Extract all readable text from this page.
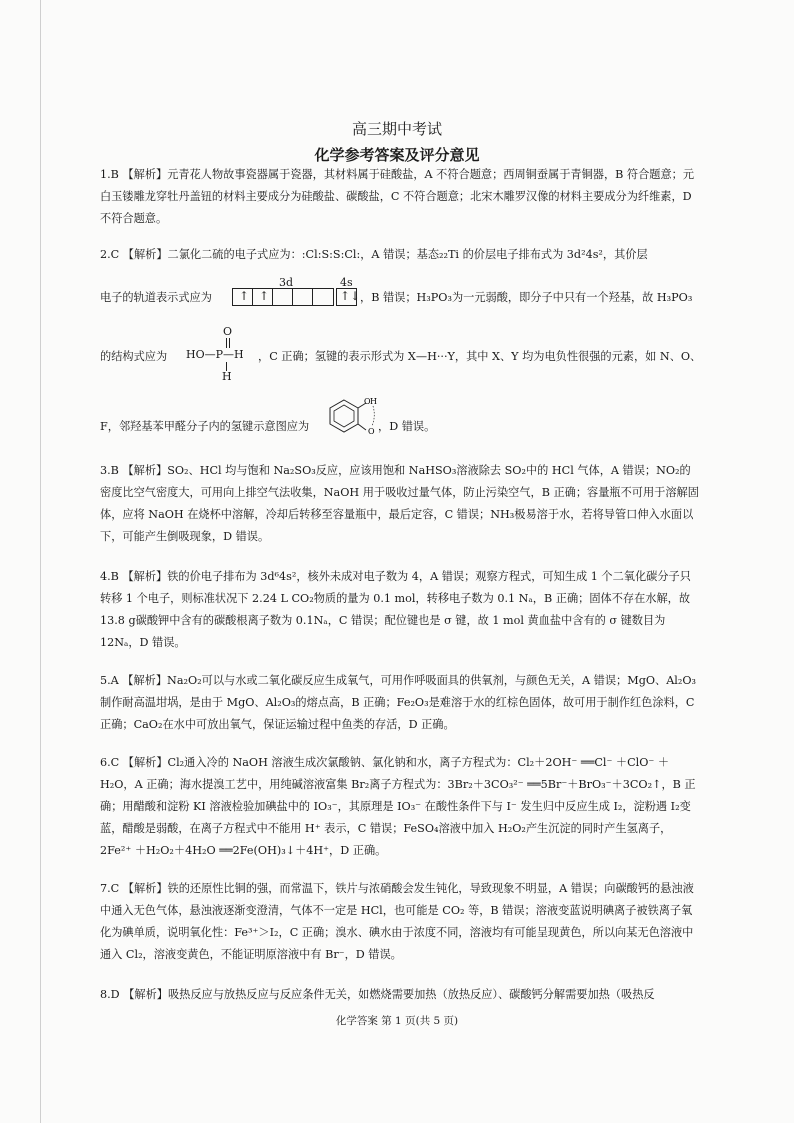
高三期中考试
化学参考答案及评分意见
1.B 【解析】元青花人物故事瓷器属于瓷器，其材料属于硅酸盐，A 不符合题意；西周铜蚕属于青铜器，B 符合题意；元白玉镂雕龙穿牡丹盖钮的材料主要成分为硅酸盐、碳酸盐，C 不符合题意；北宋木雕罗汉像的材料主要成分为纤维素，D 不符合题意。
2.C 【解析】二氯化二硫的电子式应为：:Cl:S:S:Cl:，A 错误；基态₂₂Ti 的价层电子排布式为 3d²4s²，其价层
电子的轨道表示式应为
3d	4s
↑ ↑	↑↓ ，B 错误；H₃PO₃为一元弱酸，即分子中只有一个羟基，故 H₃PO₃
O
的结构式应为 HO—P—H
H
，C 正确；氢键的表示形式为 X—H···Y，其中 X、Y 均为电负性很强的元素，如 N、O、
F，邻羟基苯甲醛分子内的氢键示意图应为
O H
O ，D 错误。
3.B 【解析】SO₂、HCl 均与饱和 Na₂SO₃反应，应该用饱和 NaHSO₃溶液除去 SO₂中的 HCl 气体，A 错误；NO₂的密度比空气密度大，可用向上排空气法收集，NaOH 用于吸收过量气体，防止污染空气，B 正确；容量瓶不可用于溶解固体，应将 NaOH 在烧杯中溶解，冷却后转移至容量瓶中，最后定容，C 错误；NH₃极易溶于水，若将导管口伸入水面以下，可能产生倒吸现象，D 错误。
4.B 【解析】铁的价电子排布为 3d⁶4s²，核外未成对电子数为 4，A 错误；观察方程式，可知生成 1 个二氧化碳分子只转移 1 个电子，则标准状况下 2.24 L CO₂物质的量为 0.1 mol，转移电子数为 0.1 Nₐ，B 正确；固体不存在水解，故13.8 g碳酸钾中含有的碳酸根离子数为 0.1Nₐ，C 错误；配位键也是 σ 键，故 1 mol 黄血盐中含有的 σ 键数目为 12Nₐ，D 错误。
5.A 【解析】Na₂O₂可以与水或二氧化碳反应生成氧气，可用作呼吸面具的供氧剂，与颜色无关，A 错误；MgO、Al₂O₃制作耐高温坩埚，是由于 MgO、Al₂O₃的熔点高，B 正确；Fe₂O₃是难溶于水的红棕色固体，故可用于制作红色涂料，C 正确；CaO₂在水中可放出氧气，保证运输过程中鱼类的存活，D 正确。
6.C 【解析】Cl₂通入冷的 NaOH 溶液生成次氯酸钠、氯化钠和水，离子方程式为：Cl₂＋2OH⁻ ══Cl⁻ ＋ClO⁻ ＋H₂O，A 正确；海水提溴工艺中，用纯碱溶液富集 Br₂离子方程式为：3Br₂＋3CO₃²⁻ ══5Br⁻＋BrO₃⁻＋3CO₂↑，B 正确；用醋酸和淀粉 KI 溶液检验加碘盐中的 IO₃⁻，其原理是 IO₃⁻ 在酸性条件下与 I⁻ 发生归中反应生成 I₂，淀粉遇 I₂变蓝，醋酸是弱酸，在离子方程式中不能用 H⁺ 表示，C 错误；FeSO₄溶液中加入 H₂O₂产生沉淀的同时产生氢离子，2Fe²⁺ ＋H₂O₂＋4H₂O ══2Fe(OH)₃↓＋4H⁺，D 正确。
7.C 【解析】铁的还原性比铜的强，而常温下，铁片与浓硝酸会发生钝化，导致现象不明显，A 错误；向碳酸钙的悬浊液中通入无色气体，悬浊液逐渐变澄清，气体不一定是 HCl，也可能是 CO₂ 等，B 错误；溶液变蓝说明碘离子被铁离子氧化为碘单质，说明氧化性：Fe³⁺＞I₂，C 正确；溴水、碘水由于浓度不同，溶液均有可能呈现黄色，所以向某无色溶液中通入 Cl₂，溶液变黄色，不能证明原溶液中有 Br⁻，D 错误。
8.D 【解析】吸热反应与放热反应与反应条件无关，如燃烧需要加热（放热反应）、碳酸钙分解需要加热（吸热反
化学答案 第 1 页(共 5 页)
